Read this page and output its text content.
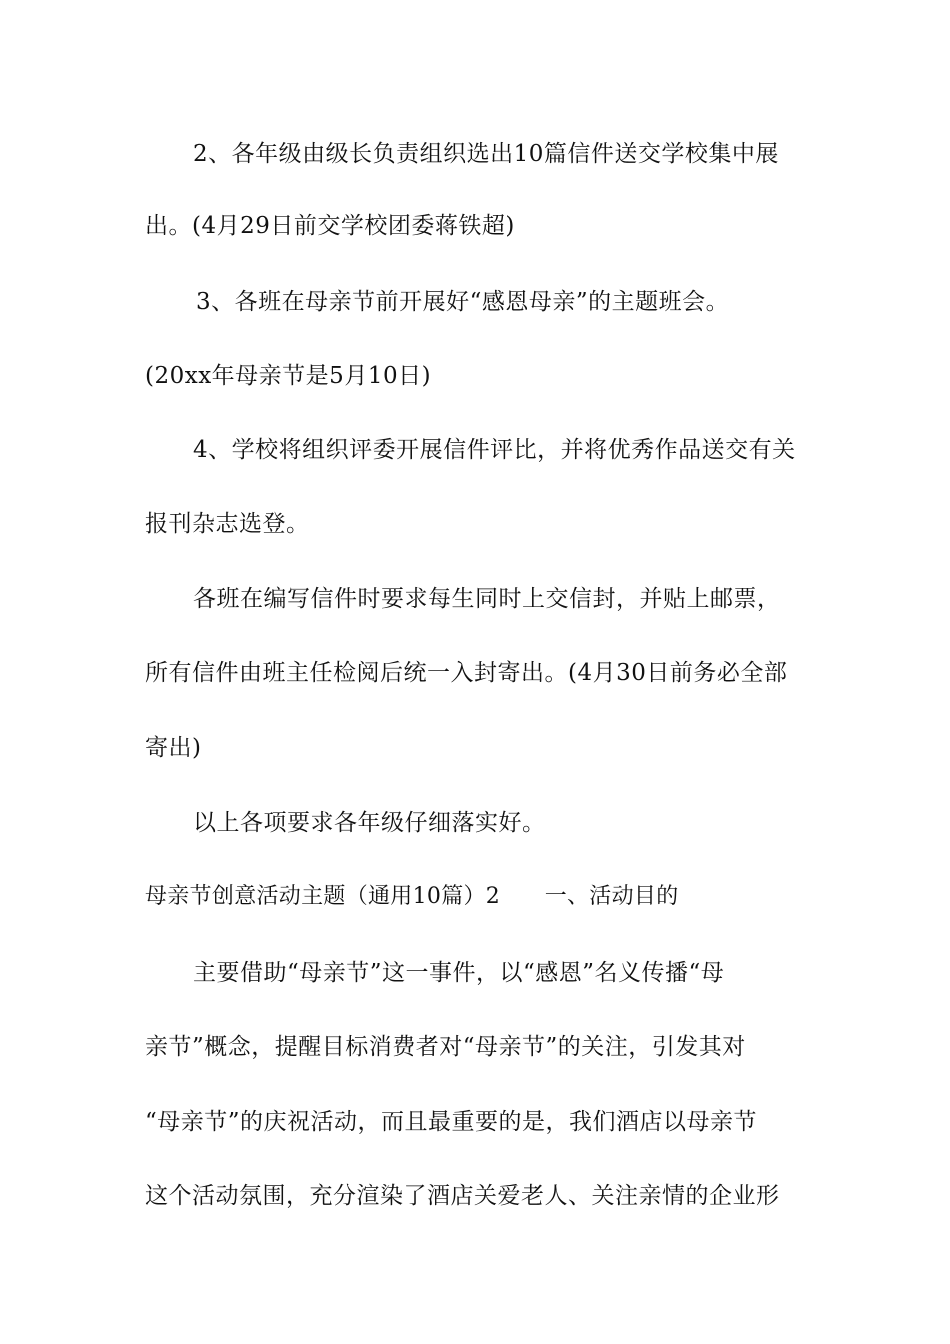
2、各年级由级长负责组织选出10篇信件送交学校集中展
出。(4月29日前交学校团委蒋铁超)
3、各班在母亲节前开展好“感恩母亲”的主题班会。
(20xx年母亲节是5月10日)
4、学校将组织评委开展信件评比，并将优秀作品送交有关
报刊杂志选登。
各班在编写信件时要求每生同时上交信封，并贴上邮票，
所有信件由班主任检阅后统一入封寄出。(4月30日前务必全部
寄出)
以上各项要求各年级仔细落实好。
母亲节创意活动主题（通用10篇）2　　一、活动目的
主要借助“母亲节”这一事件，以“感恩”名义传播“母
亲节”概念，提醒目标消费者对“母亲节”的关注，引发其对
“母亲节”的庆祝活动，而且最重要的是，我们酒店以母亲节
这个活动氛围，充分渲染了酒店关爱老人、关注亲情的企业形
